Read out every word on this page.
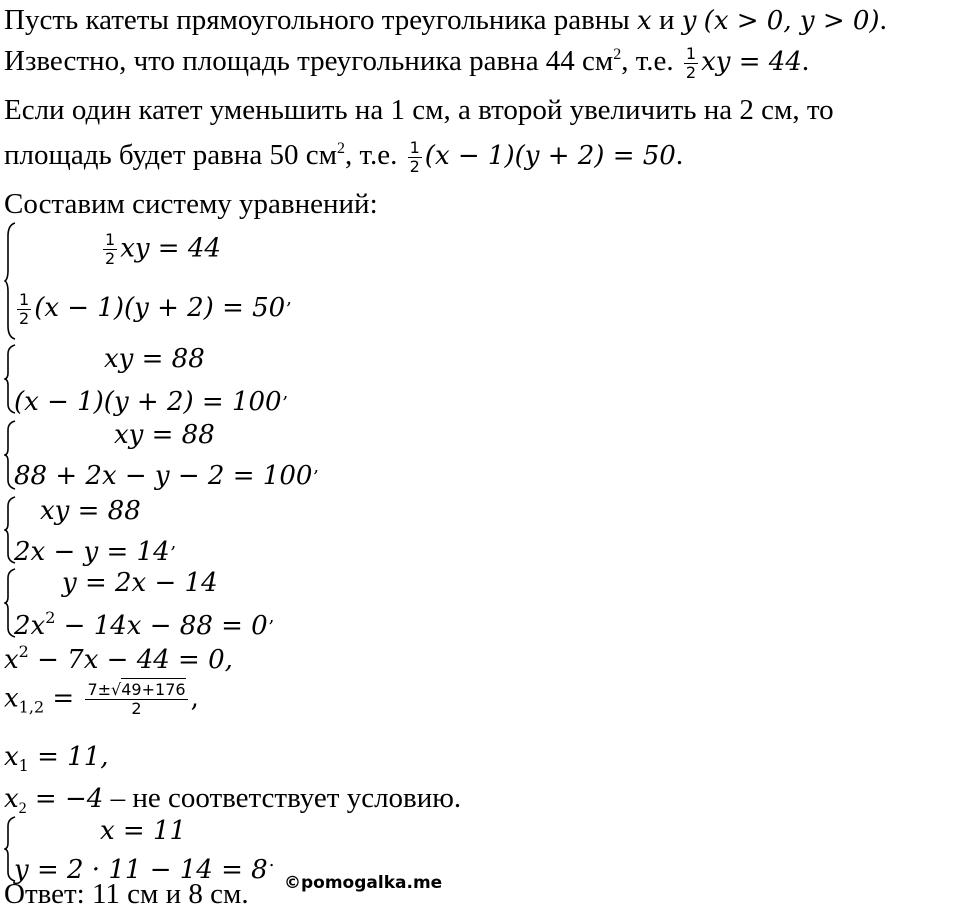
Пусть катеты прямоугольного треугольника равны x и y (x > 0, y > 0).
Известно, что площадь треугольника равна 44 $см^2$, т.е. $\frac{1}{2}$ xy = 44.
Если один катет уменьшить на 1 см, а второй увеличить на 2 см, то
площадь будет равна 50 $см^2$, т.е. $\frac{1}{2} (x - 1)(y + 2) = 50$.
Составим систему уравнений:
$\frac{1}{2}$ xy = 44
$\frac{1}{2} (x - 1)(y + 2) = 50^,$
xy = 88
(x − 1)(y + 2) = 100,
xy = 88
88 + 2x − y − 2 = 100,
xy = 88
2x − y = 14,
y = 2x − 14
$2x^2 - 14x - 88 = 0^,$
$x^2 - 7x - 44 = 0$,
$x_{1,2} = \frac{7\pm√49+176}{2}$ ,
$x_1 = 11$,
$x_2 = -4$ – не соответствует условию.
x = 11
y = 2 · 11 − 14 = 8.
Ответ: 11 см и 8 см. ©pomogalka.me
